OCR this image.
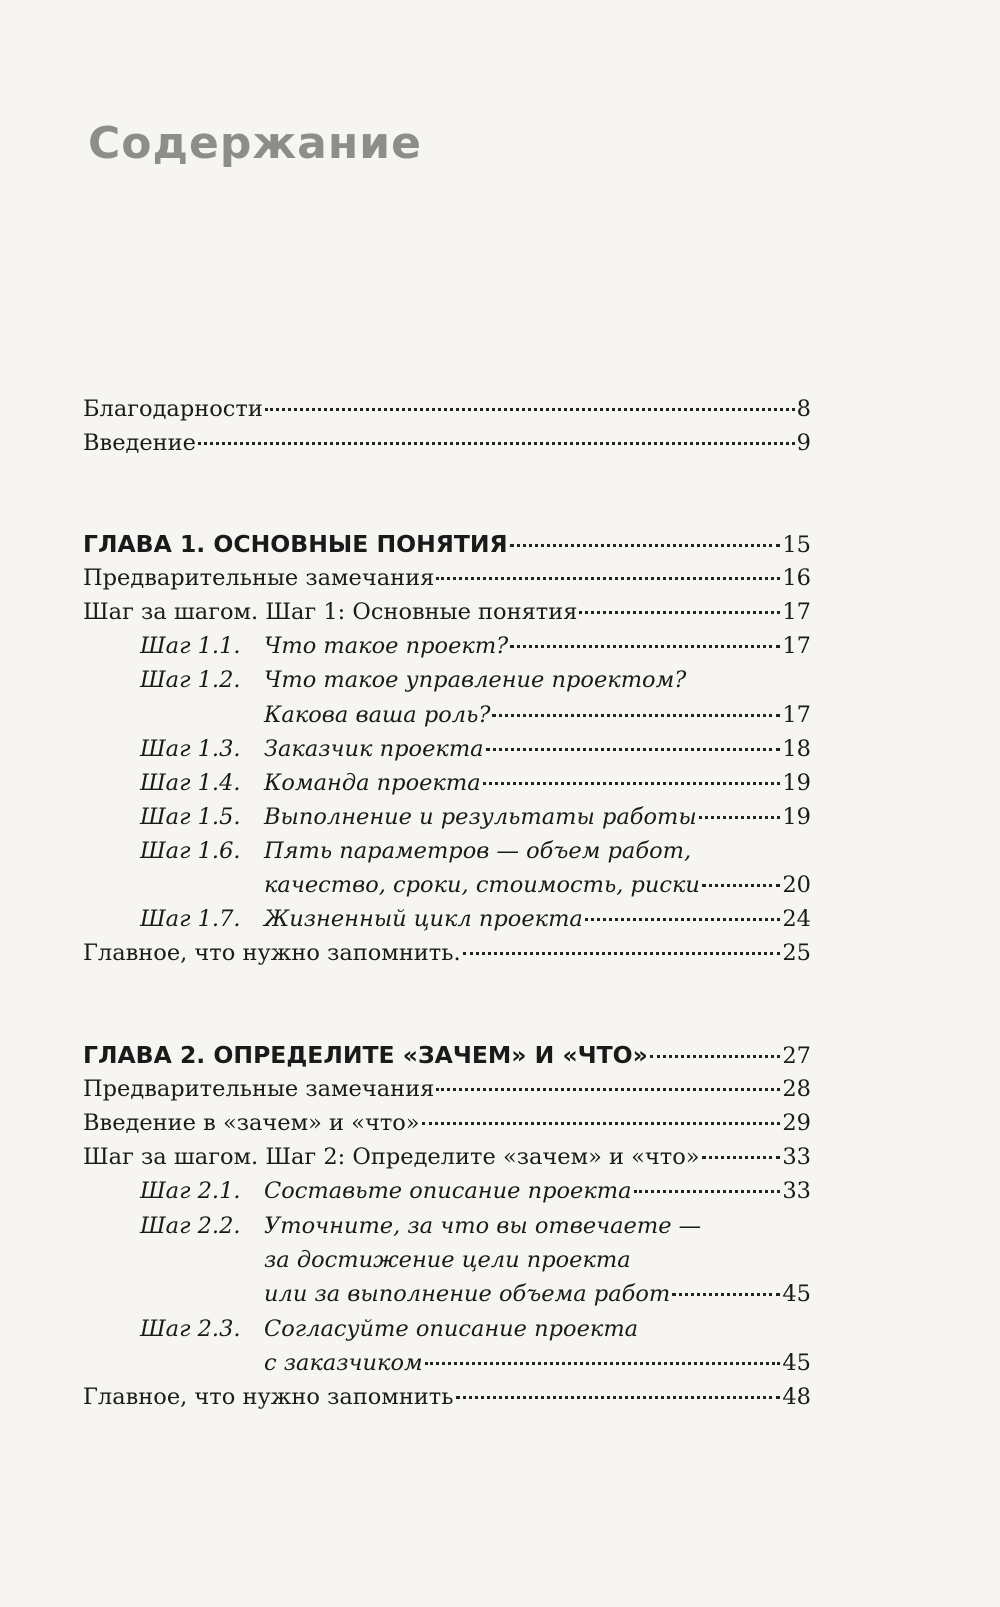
Содержание
Благодарности	8
Введение	9
ГЛАВА 1. ОСНОВНЫЕ ПОНЯТИЯ	15
Предварительные замечания	16
Шаг за шагом. Шаг 1: Основные понятия	17
Шаг 1.1.	Что такое проект?	17
Шаг 1.2.	Что такое управление проектом?
Какова ваша роль?	17
Шаг 1.3.	Заказчик проекта	18
Шаг 1.4.	Команда проекта	19
Шаг 1.5.	Выполнение и результаты работы	19
Шаг 1.6.	Пять параметров — объем работ,
качество, сроки, стоимость, риски	20
Шаг 1.7.	Жизненный цикл проекта	24
Главное, что нужно запомнить.	25
ГЛАВА 2. ОПРЕДЕЛИТЕ «ЗАЧЕМ» И «ЧТО»	27
Предварительные замечания	28
Введение в «зачем» и «что»	29
Шаг за шагом. Шаг 2: Определите «зачем» и «что»	33
Шаг 2.1.	Составьте описание проекта	33
Шаг 2.2.	Уточните, за что вы отвечаете —
за достижение цели проекта
или за выполнение объема работ	45
Шаг 2.3.	Согласуйте описание проекта
с заказчиком	45
Главное, что нужно запомнить	48
